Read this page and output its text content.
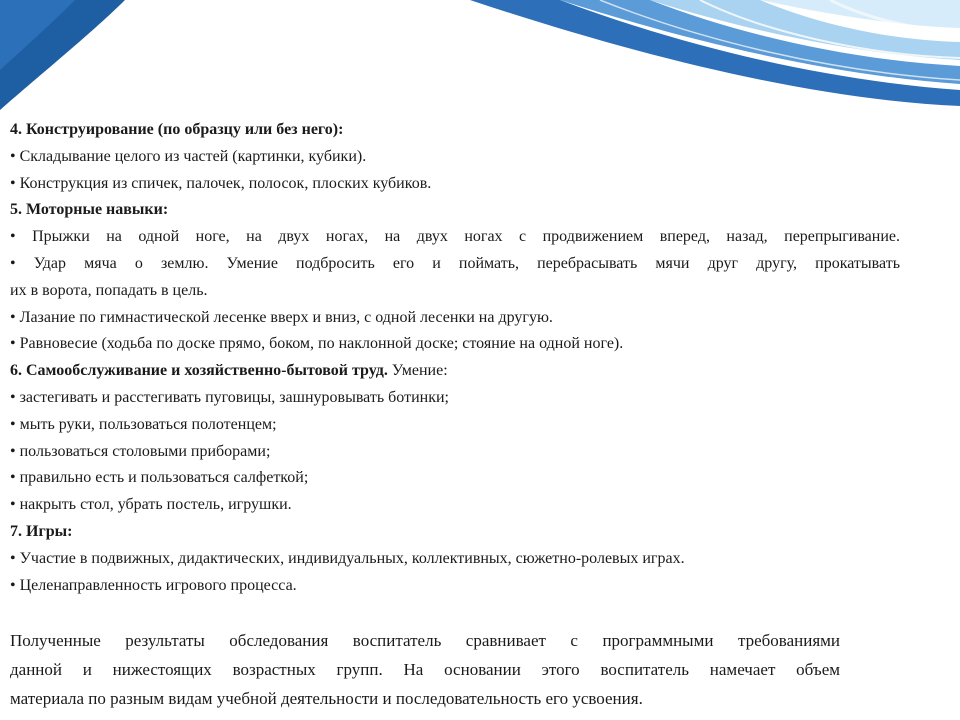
4. Конструирование (по образцу или без него):
• Складывание целого из частей (картинки, кубики).
• Конструкция из спичек, палочек, полосок, плоских кубиков.
5. Моторные навыки:
• Прыжки на одной ноге, на двух ногах, на двух ногах с продвижением вперед, назад, перепрыгивание.
• Удар мяча о землю. Умение подбросить его и поймать, перебрасывать мячи друг другу, прокатывать
их в ворота, попадать в цель.
• Лазание по гимнастической лесенке вверх и вниз, с одной лесенки на другую.
• Равновесие (ходьба по доске прямо, боком, по наклонной доске; стояние на одной ноге).
6. Самообслуживание и хозяйственно-бытовой труд. Умение:
• застегивать и расстегивать пуговицы, зашнуровывать ботинки;
• мыть руки, пользоваться полотенцем;
• пользоваться столовыми приборами;
• правильно есть и пользоваться салфеткой;
• накрыть стол, убрать постель, игрушки.
7. Игры:
• Участие в подвижных, дидактических, индивидуальных, коллективных, сюжетно-ролевых играх.
• Целенаправленность игрового процесса.
Полученные результаты обследования воспитатель сравнивает с программными требованиями
данной и нижестоящих возрастных групп. На основании этого воспитатель намечает объем
материала по разным видам учебной деятельности и последовательность его усвоения.
